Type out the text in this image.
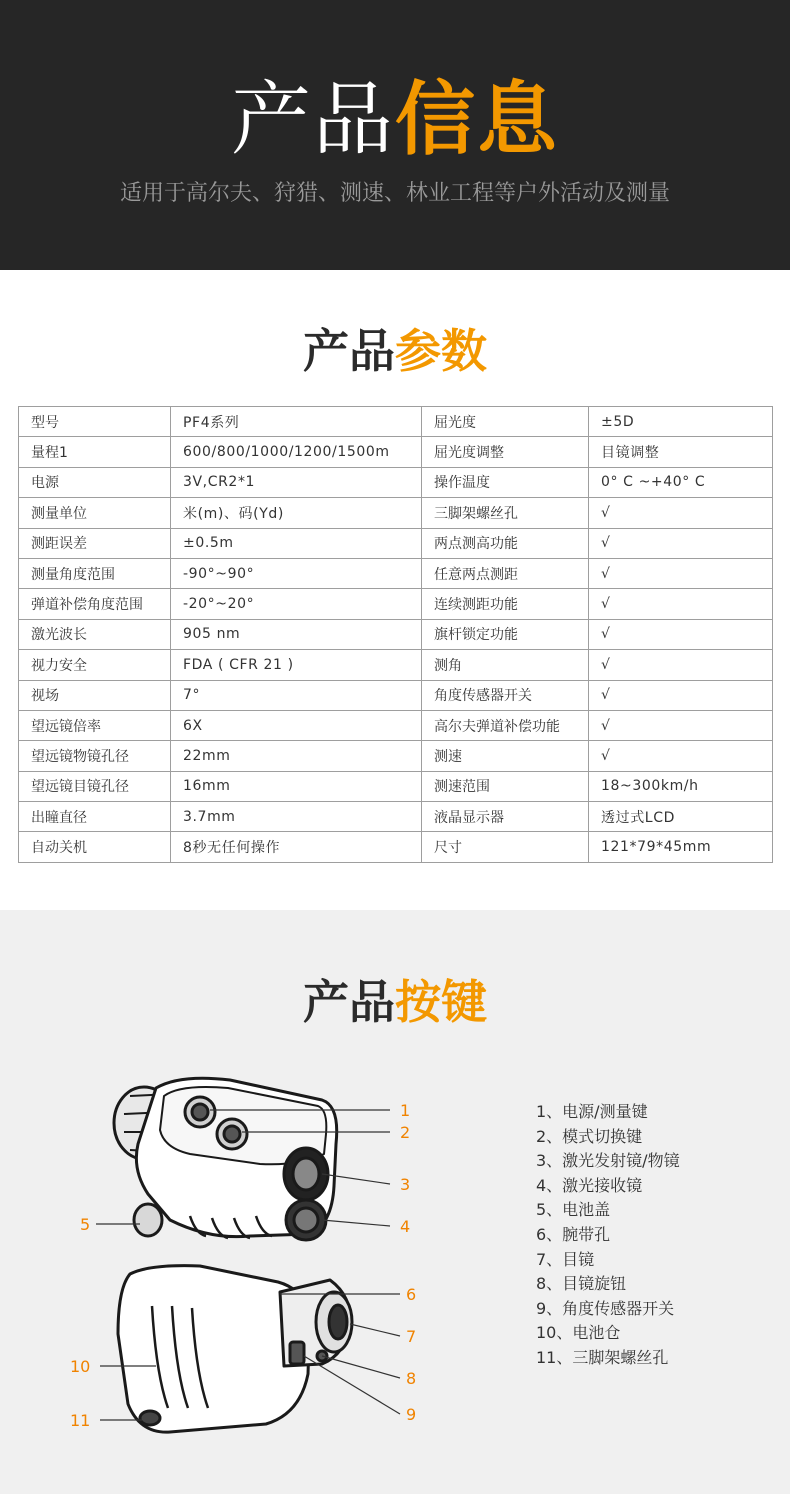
产品信息

适用于高尔夫、狩猎、测速、林业工程等户外活动及测量

产品参数
型号	PF4系列	屈光度	±5D
量程1	600/800/1000/1200/1500m	屈光度调整	目镜调整
电源	3V,CR2*1	操作温度	0° C ~+40° C
测量单位	米(m)、码(Yd)	三脚架螺丝孔	√
测距误差	±0.5m	两点测高功能	√
测量角度范围	-90°~90°	任意两点测距	√
弹道补偿角度范围	-20°~20°	连续测距功能	√
激光波长	905 nm	旗杆锁定功能	√
视力安全	FDA ( CFR 21 )	测角	√
视场	7°	角度传感器开关	√
望远镜倍率	6X	高尔夫弹道补偿功能	√
望远镜物镜孔径	22mm	测速	√
望远镜目镜孔径	16mm	测速范围	18~300km/h
出瞳直径	3.7mm	液晶显示器	透过式LCD
自动关机	8秒无任何操作	尺寸	121*79*45mm
产品按键
1
2
3
4
5
6
7
8
9
10
11
1、电源/测量键
2、模式切换键
3、激光发射镜/物镜
4、激光接收镜
5、电池盖
6、腕带孔
7、目镜
8、目镜旋钮
9、角度传感器开关
10、电池仓
11、三脚架螺丝孔
